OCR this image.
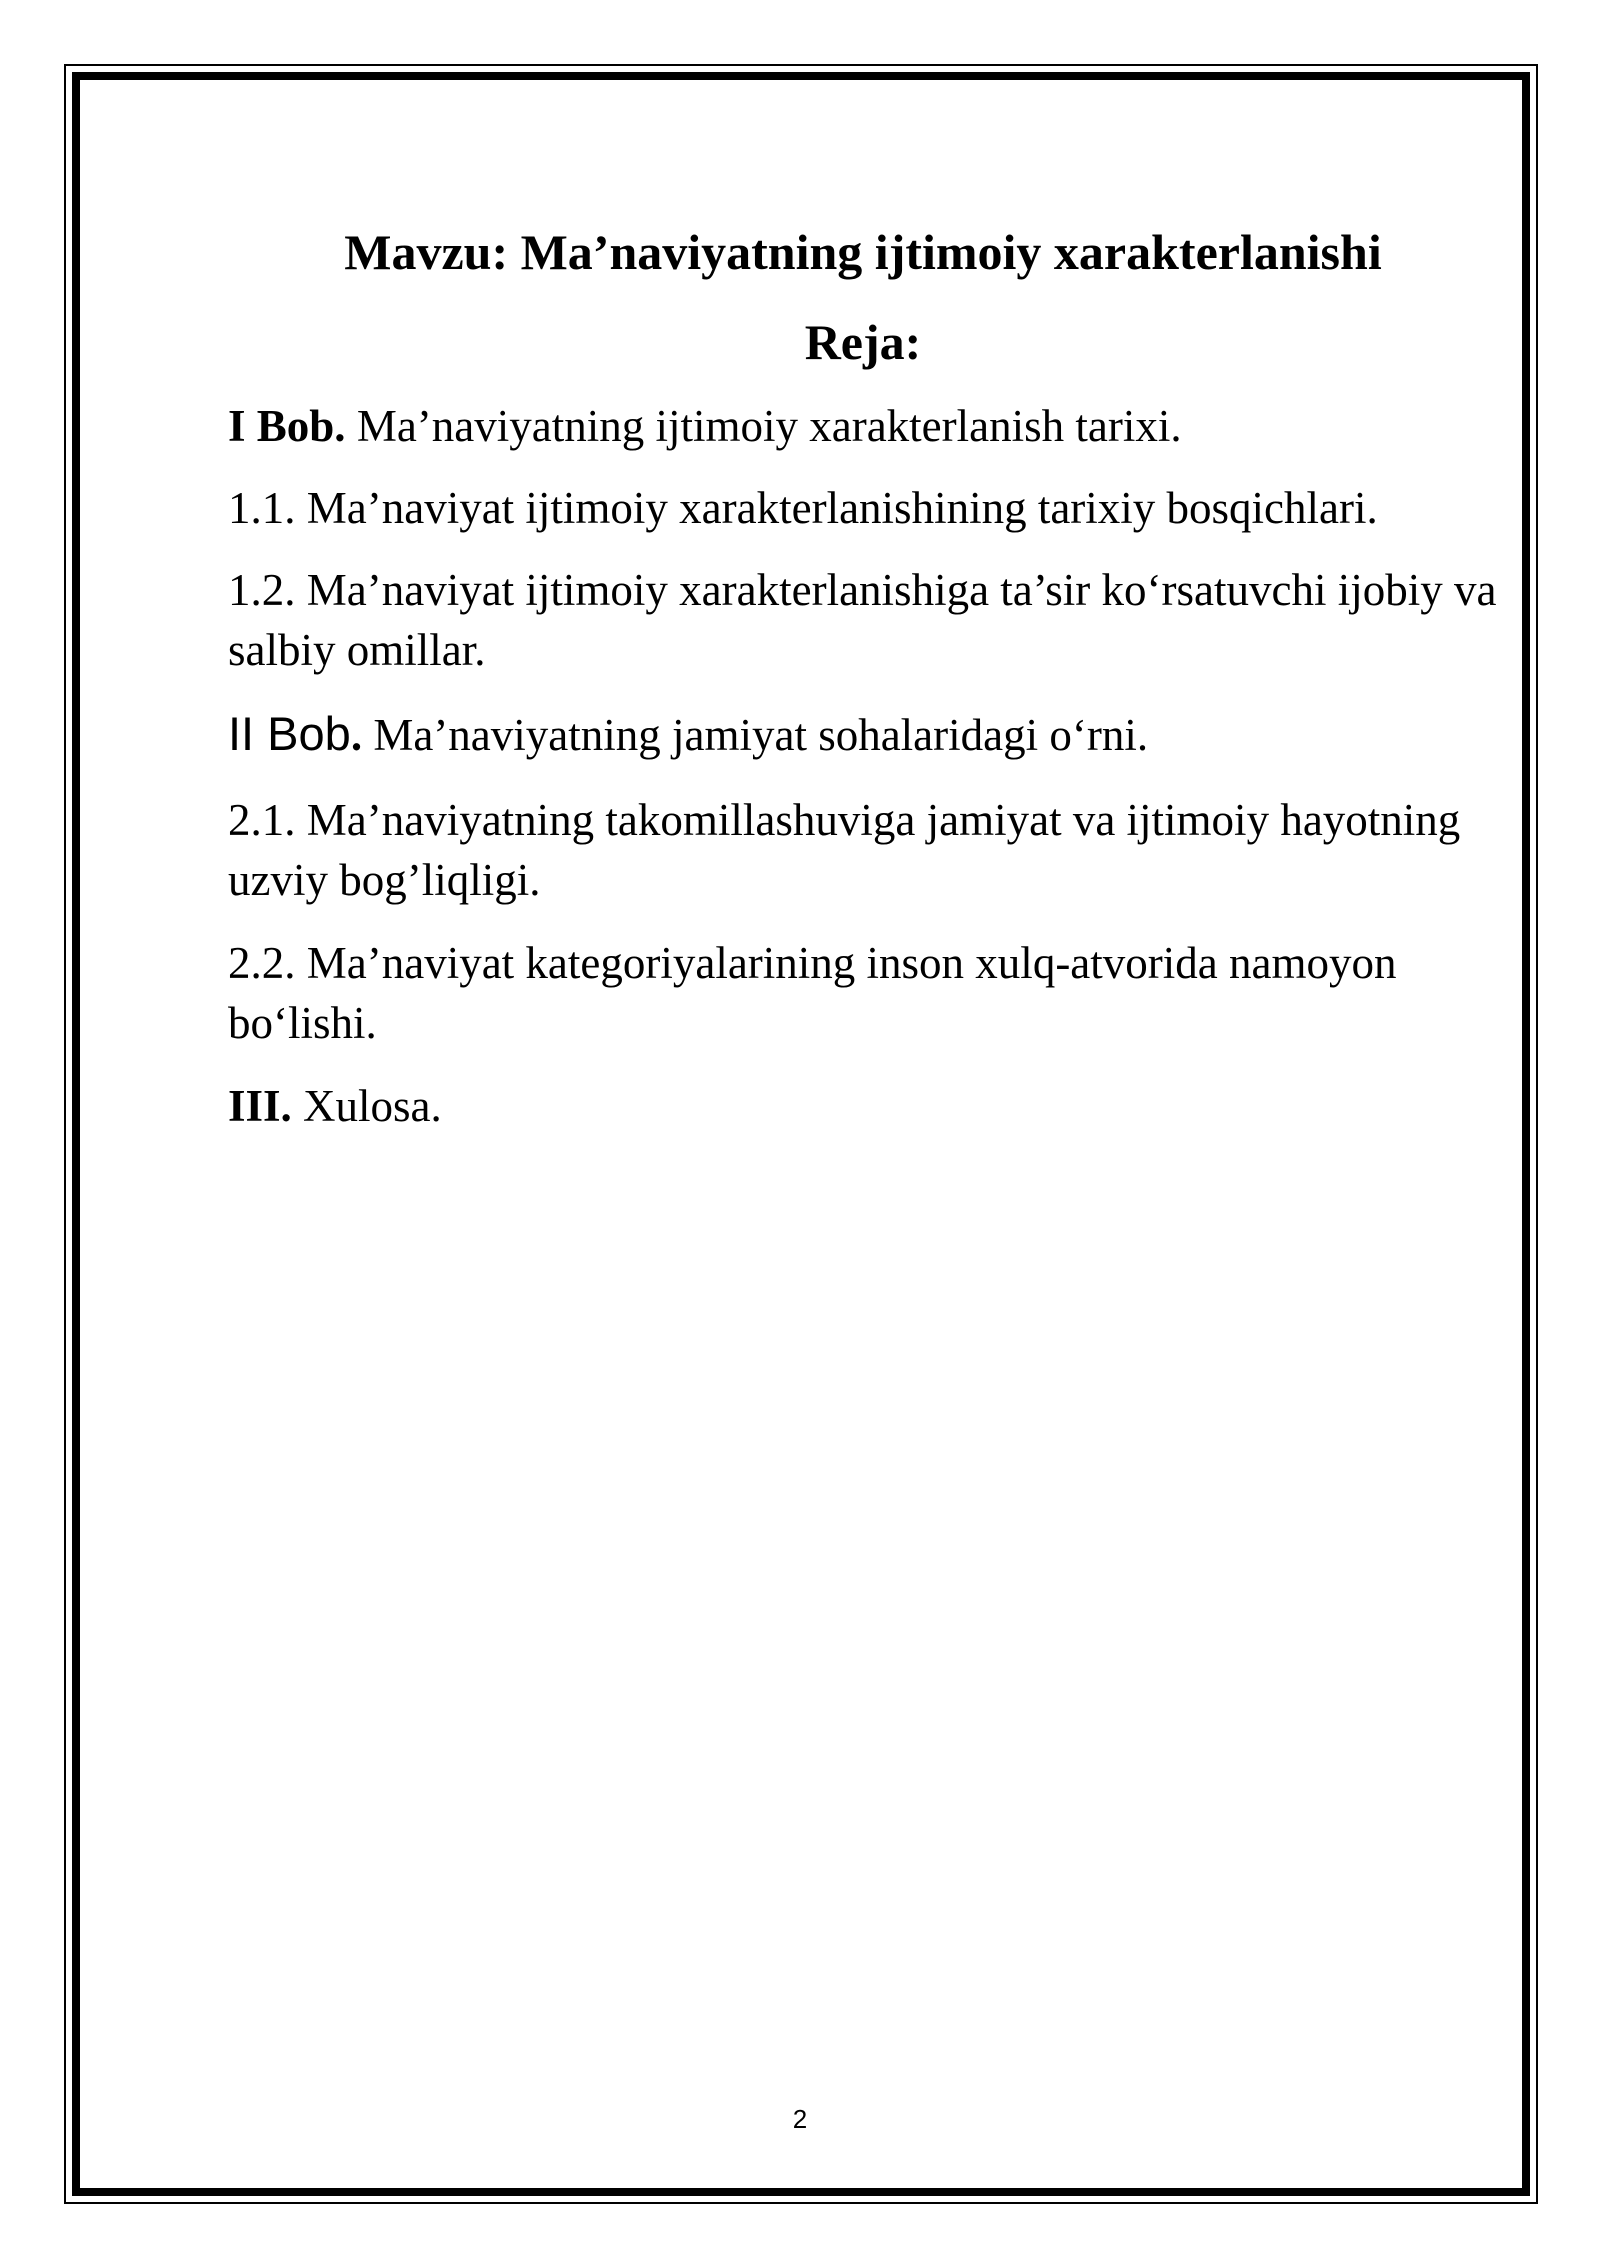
Mavzu: Ma’naviyatning ijtimoiy xarakterlanishi
Reja:
I Bob. Ma’naviyatning ijtimoiy xarakterlanish tarixi.
1.1. Ma’naviyat ijtimoiy xarakterlanishining tarixiy bosqichlari.
1.2. Ma’naviyat ijtimoiy xarakterlanishiga ta’sir ko‘rsatuvchi ijobiy va salbiy omillar.
II Bob. Ma’naviyatning jamiyat sohalaridagi o‘rni.
2.1. Ma’naviyatning takomillashuviga jamiyat va ijtimoiy hayotning uzviy bog’liqligi.
2.2. Ma’naviyat kategoriyalarining inson xulq-atvorida namoyon bo‘lishi.
III. Xulosa.
2
